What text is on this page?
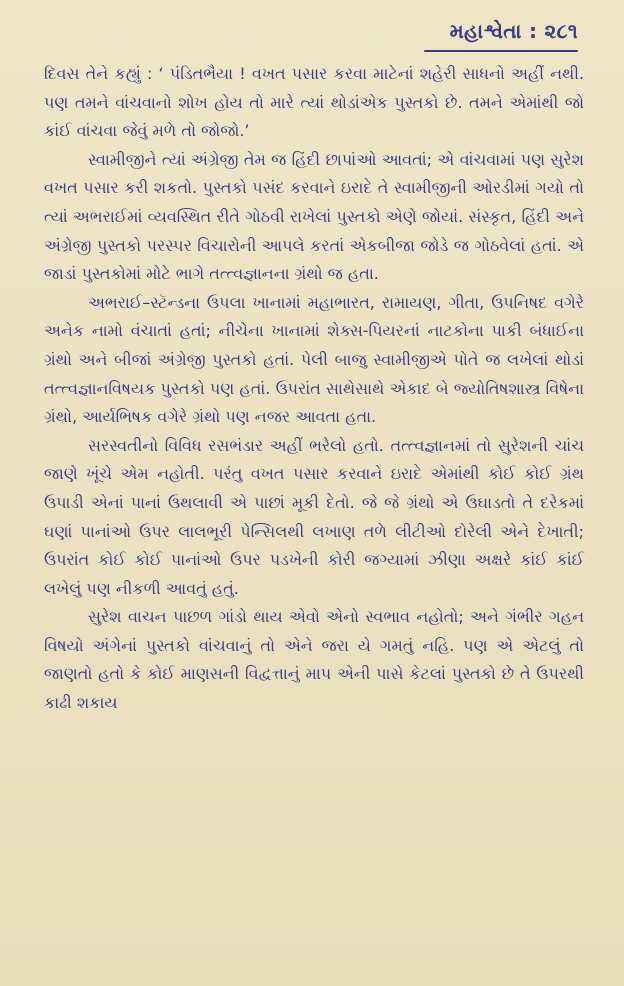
મહાશ્વેતા : ૨૮૧

દિવસ તેને કહ્યું : ‘ પંડિતભૈયા ! વખત પસાર કરવા માટેનાં શહેરી સાધનો અહીં નથી. પણ તમને વાંચવાનો શોખ હોય તો મારે ત્યાં થોડાંએક પુસ્તકો છે. તમને એમાંથી જો કાંઈ વાંચવા જેવું મળે તો જોજો.’

સ્વામીજીને ત્યાં અંગ્રેજી તેમ જ હિંદી છાપાંઓ આવતાં; એ વાંચવામાં પણ સુરેશ વખત પસાર કરી શકતો. પુસ્તકો પસંદ કરવાને ઇરાદે તે સ્વામીજીની ઓરડીમાં ગયો તો ત્યાં અભરાઈમાં વ્યવસ્થિત રીતે ગોઠવી રાખેલાં પુસ્તકો એણે જોયાં. સંસ્કૃત, હિંદી અને અંગ્રેજી પુસ્તકો પરસ્પર વિચારોની આપલે કરતાં એકબીજા જોડે જ ગોઠવેલાં હતાં. એ જાડાં પુસ્તકોમાં મોટે ભાગે તત્ત્વજ્ઞાનના ગ્રંથો જ હતા.

અભરાઈ–સ્ટૅન્ડના ઉપલા ખાનામાં મહાભારત, રામાયણ, ગીતા, ઉપનિષદ વગેરે અનેક નામો વંચાતાં હતાં; નીચેના ખાનામાં શેક્સ-પિયરનાં નાટકોના પાકી બંધાઈના ગ્રંથો અને બીજાં અંગ્રેજી પુસ્તકો હતાં. પેલી બાજુ સ્વામીજીએ પોતે જ લખેલાં થોડાં તત્ત્વજ્ઞાનવિષયક પુસ્તકો પણ હતાં. ઉપરાંત સાથેસાથે એકાદ બે જ્યોતિષશાસ્ત્ર વિષેના ગ્રંથો, આર્યભિષક વગેરે ગ્રંથો પણ નજર આવતા હતા.

સરસ્વતીનો વિવિધ રસભંડાર અહીં ભરેલો હતો. તત્ત્વજ્ઞાનમાં તો સુરેશની ચાંચ જાણે ખૂંચે એમ નહોતી. પરંતુ વખત પસાર કરવાને ઇરાદે એમાંથી કોઈ કોઈ ગ્રંથ ઉપાડી એનાં પાનાં ઉથલાવી એ પાછાં મૂકી દેતો. જે જે ગ્રંથો એ ઉઘાડતો તે દરેકમાં ઘણાં પાનાંઓ ઉપર લાલભૂરી પેન્સિલથી લખાણ તળે લીટીઓ દોરેલી એને દેખાતી; ઉપરાંત કોઈ કોઈ પાનાંઓ ઉપર પડખેની કોરી જગ્યામાં ઝીણા અક્ષરે કાંઈ કાંઈ લખેલું પણ નીકળી આવતું હતું.

સુરેશ વાચન પાછળ ગાંડો થાય એવો એનો સ્વભાવ નહોતો; અને ગંભીર ગહન વિષયો અંગેનાં પુસ્તકો વાંચવાનું તો એને જરા યે ગમતું નહિ. પણ એ એટલું તો જાણતો હતો કે કોઈ માણસની વિદ્વત્તાનું માપ એની પાસે કેટલાં પુસ્તકો છે તે ઉપરથી કાઢી શકાય
